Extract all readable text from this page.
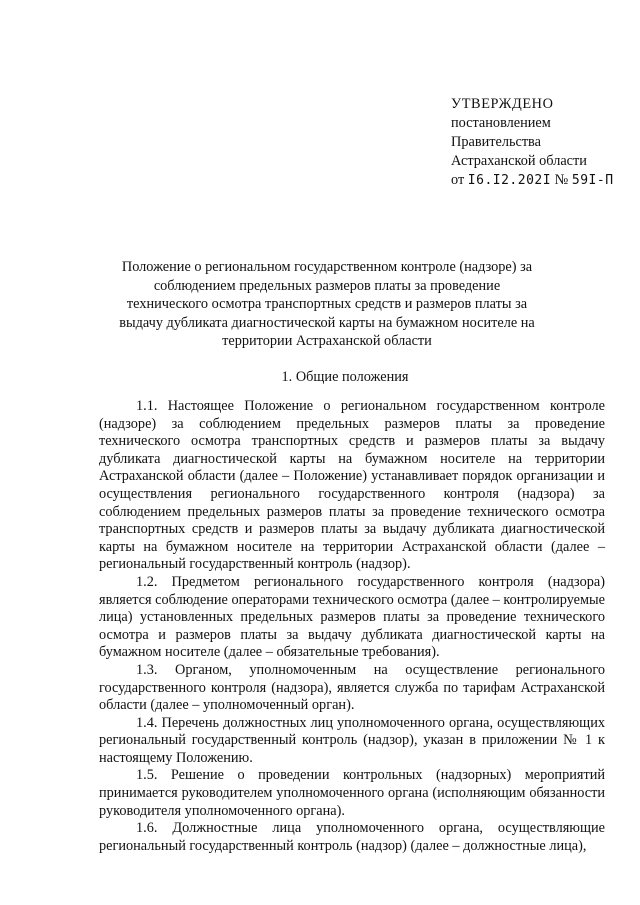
УТВЕРЖДЕНО
постановлением
Правительства
Астраханской области
от I6.I2.202I № 59I-П
Положение о региональном государственном контроле (надзоре) за соблюдением предельных размеров платы за проведение технического осмотра транспортных средств и размеров платы за выдачу дубликата диагностической карты на бумажном носителе на территории Астраханской области
1. Общие положения

1.1. Настоящее Положение о региональном государственном контроле (надзоре) за соблюдением предельных размеров платы за проведение технического осмотра транспортных средств и размеров платы за выдачу дубликата диагностической карты на бумажном носителе на территории Астраханской области (далее – Положение) устанавливает порядок организации и осуществления регионального государственного контроля (надзора) за соблюдением предельных размеров платы за проведение технического осмотра транспортных средств и размеров платы за выдачу дубликата диагностической карты на бумажном носителе на территории Астраханской области (далее – региональный государственный контроль (надзор).

1.2. Предметом регионального государственного контроля (надзора) является соблюдение операторами технического осмотра (далее – контролируемые лица) установленных предельных размеров платы за проведение технического осмотра и размеров платы за выдачу дубликата диагностической карты на бумажном носителе (далее – обязательные требования).

1.3. Органом, уполномоченным на осуществление регионального государственного контроля (надзора), является служба по тарифам Астраханской области (далее – уполномоченный орган).

1.4. Перечень должностных лиц уполномоченного органа, осуществляющих региональный государственный контроль (надзор), указан в приложении № 1 к настоящему Положению.

1.5. Решение о проведении контрольных (надзорных) мероприятий принимается руководителем уполномоченного органа (исполняющим обязанности руководителя уполномоченного органа).

1.6. Должностные лица уполномоченного органа, осуществляющие региональный государственный контроль (надзор) (далее – должностные лица),
